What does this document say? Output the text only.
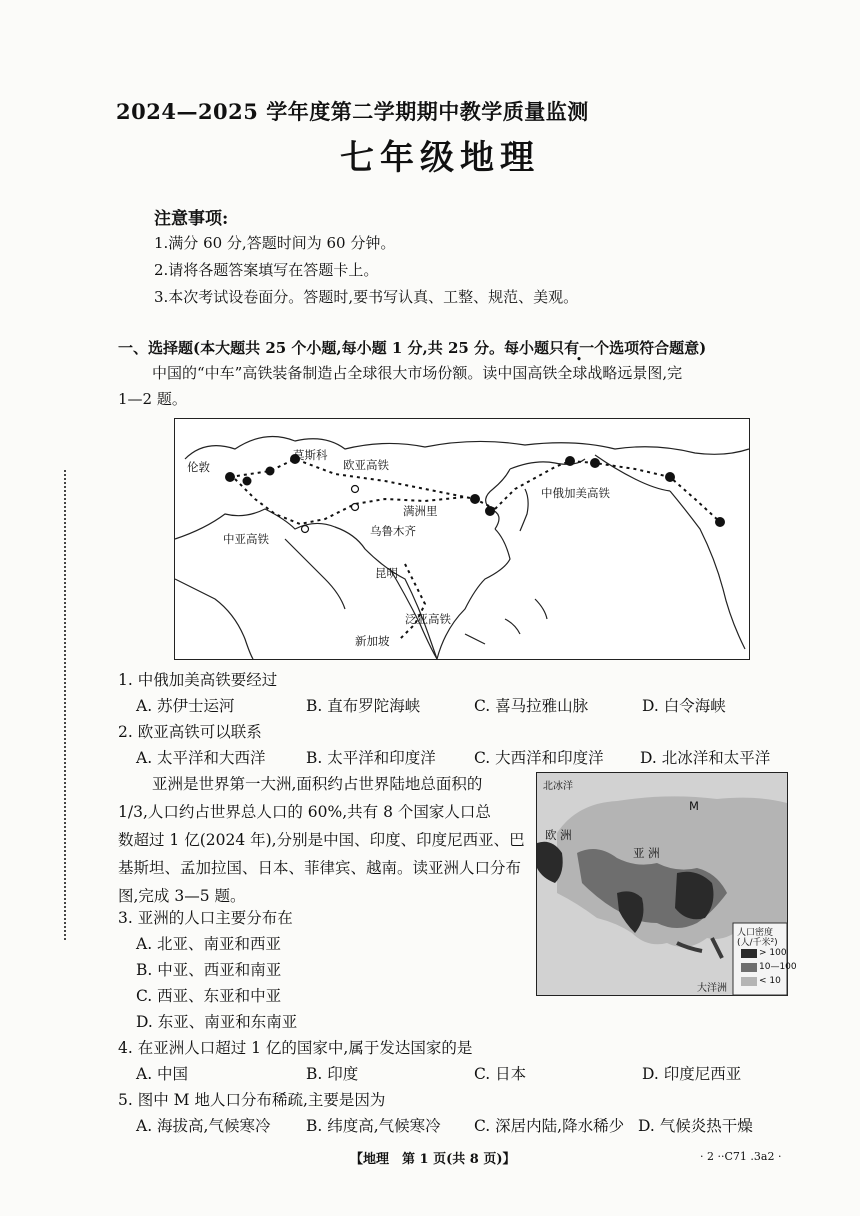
2024—2025 学年度第二学期期中教学质量监测
七年级地理
注意事项:
1.满分 60 分,答题时间为 60 分钟。
2.请将各题答案填写在答题卡上。
3.本次考试设卷面分。答题时,要书写认真、工整、规范、美观。
一、选择题(本大题共 25 个小题,每小题 1 分,共 25 分。每小题只有一个选项符合题意)
中国的“中车”高铁装备制造占全球很大市场份额。读中国高铁全球战略远景图,完
1—2 题。
伦敦
莫斯科
欧亚高铁
满洲里
中俄加美高铁
乌鲁木齐
中亚高铁
昆明
泛亚高铁
新加坡
1. 中俄加美高铁要经过
A. 苏伊士运河	B. 直布罗陀海峡	C. 喜马拉雅山脉	D. 白令海峡
2. 欧亚高铁可以联系
A. 太平洋和大西洋	B. 太平洋和印度洋 C. 大西洋和印度洋 D. 北冰洋和太平洋
亚洲是世界第一大洲,面积约占世界陆地总面积的
1/3,人口约占世界总人口的 60%,共有 8 个国家人口总
数超过 1 亿(2024 年),分别是中国、印度、印度尼西亚、巴
基斯坦、孟加拉国、日本、菲律宾、越南。读亚洲人口分布
图,完成 3—5 题。
北冰洋
M
欧 洲
亚 洲
人口密度
(人/千米²)
> 100
10—100
< 10
大洋洲
3. 亚洲的人口主要分布在
A. 北亚、南亚和西亚
B. 中亚、西亚和南亚
C. 西亚、东亚和中亚
D. 东亚、南亚和东南亚
4. 在亚洲人口超过 1 亿的国家中,属于发达国家的是
A. 中国	B. 印度	C. 日本	D. 印度尼西亚
5. 图中 M 地人口分布稀疏,主要是因为
A. 海拔高,气候寒冷 B. 纬度高,气候寒冷 C. 深居内陆,降水稀少 D. 气候炎热干燥
【地理　第 1 页(共 8 页)】	· 2 ··C71 .3a2 ·
